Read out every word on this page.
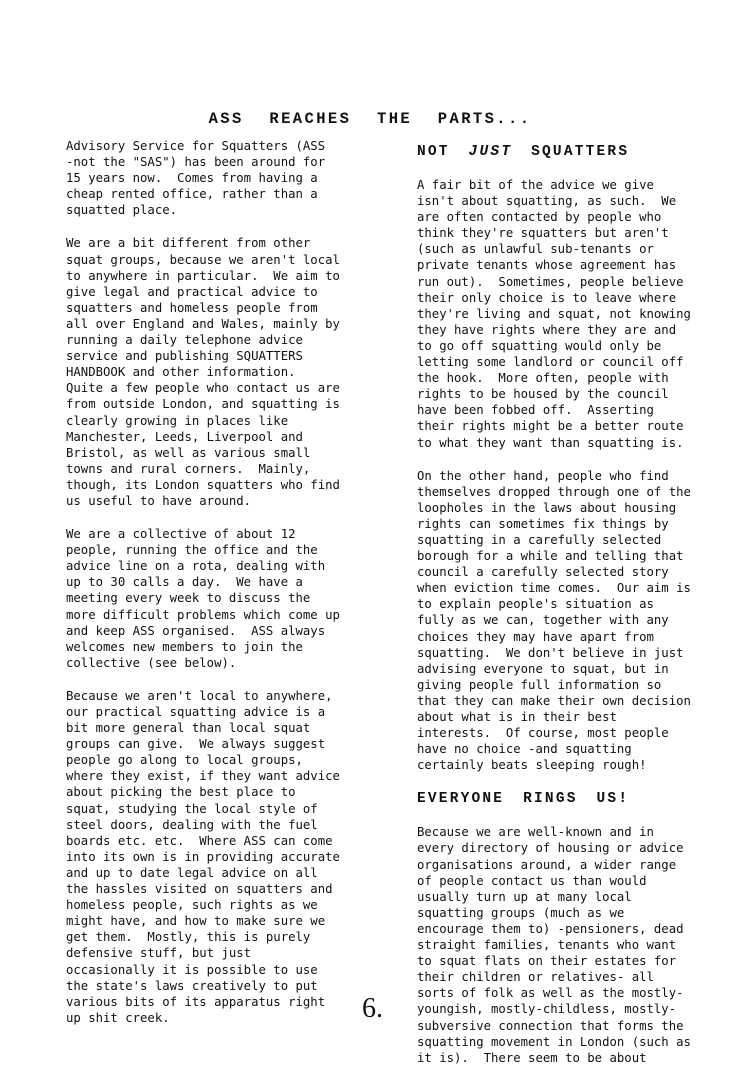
ASS REACHES THE PARTS...

Advisory Service for Squatters (ASS
-not the "SAS") has been around for
15 years now.  Comes from having a
cheap rented office, rather than a
squatted place.

We are a bit different from other
squat groups, because we aren't local
to anywhere in particular.  We aim to
give legal and practical advice to
squatters and homeless people from
all over England and Wales, mainly by
running a daily telephone advice
service and publishing SQUATTERS
HANDBOOK and other information.
Quite a few people who contact us are
from outside London, and squatting is
clearly growing in places like
Manchester, Leeds, Liverpool and
Bristol, as well as various small
towns and rural corners.  Mainly,
though, its London squatters who find
us useful to have around.

We are a collective of about 12
people, running the office and the
advice line on a rota, dealing with
up to 30 calls a day.  We have a
meeting every week to discuss the
more difficult problems which come up
and keep ASS organised.  ASS always
welcomes new members to join the
collective (see below).

Because we aren't local to anywhere,
our practical squatting advice is a
bit more general than local squat
groups can give.  We always suggest
people go along to local groups,
where they exist, if they want advice
about picking the best place to
squat, studying the local style of
steel doors, dealing with the fuel
boards etc. etc.  Where ASS can come
into its own is in providing accurate
and up to date legal advice on all
the hassles visited on squatters and
homeless people, such rights as we
might have, and how to make sure we
get them.  Mostly, this is purely
defensive stuff, but just
occasionally it is possible to use
the state's laws creatively to put
various bits of its apparatus right
up shit creek.

NOT JUST SQUATTERS

A fair bit of the advice we give
isn't about squatting, as such.  We
are often contacted by people who
think they're squatters but aren't
(such as unlawful sub-tenants or
private tenants whose agreement has
run out).  Sometimes, people believe
their only choice is to leave where
they're living and squat, not knowing
they have rights where they are and
to go off squatting would only be
letting some landlord or council off
the hook.  More often, people with
rights to be housed by the council
have been fobbed off.  Asserting
their rights might be a better route
to what they want than squatting is.

On the other hand, people who find
themselves dropped through one of the
loopholes in the laws about housing
rights can sometimes fix things by
squatting in a carefully selected
borough for a while and telling that
council a carefully selected story
when eviction time comes.  Our aim is
to explain people's situation as
fully as we can, together with any
choices they may have apart from
squatting.  We don't believe in just
advising everyone to squat, but in
giving people full information so
that they can make their own decision
about what is in their best
interests.  Of course, most people
have no choice -and squatting
certainly beats sleeping rough!

EVERYONE RINGS US!

Because we are well-known and in
every directory of housing or advice
organisations around, a wider range
of people contact us than would
usually turn up at many local
squatting groups (much as we
encourage them to) -pensioners, dead
straight families, tenants who want
to squat flats on their estates for
their children or relatives- all
sorts of folk as well as the mostly-
youngish, mostly-childless, mostly-
subversive connection that forms the
squatting movement in London (such as
it is).  There seem to be about

6.
